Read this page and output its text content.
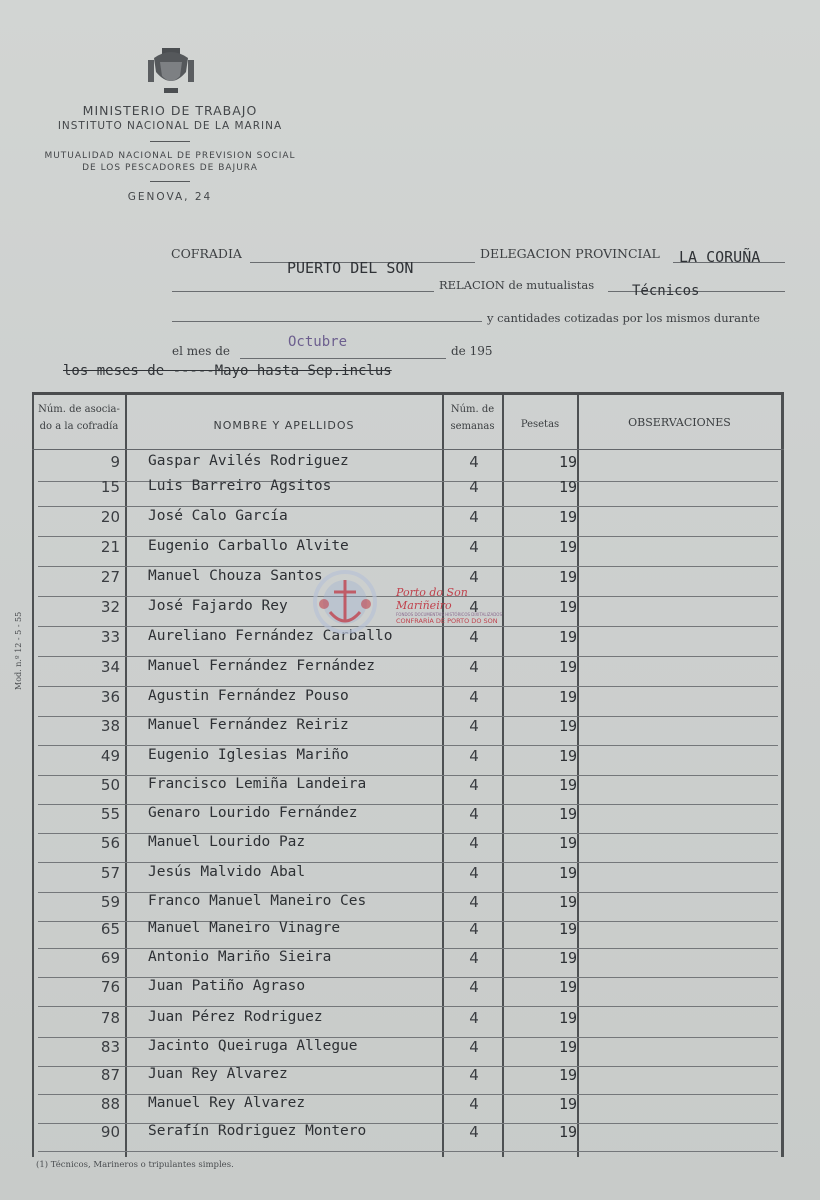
MINISTERIO DE TRABAJO
INSTITUTO NACIONAL DE LA MARINA
MUTUALIDAD NACIONAL DE PREVISION SOCIAL
DE LOS PESCADORES DE BAJURA
GENOVA, 24
COFRADIA
PUERTO DEL SON
DELEGACION PROVINCIAL LA CORUÑA
RELACION de mutualistas	Técnicos
y cantidades cotizadas por los mismos durante
el mes de
Octubre
de 195
los meses de -----Mayo hasta Sep.inclus
Núm. de asocia-
do a la cofradía	NOMBRE Y APELLIDOS
Núm. de
semanas	Pesetas	OBSERVACIONES
9 Gaspar Avilés Rodriguez	4	19
15 Luis Barreiro Agsitos	4	19
20 José Calo García	4	19
21 Eugenio Carballo Alvite	4	19
27 Manuel Chouza Santos	4	19
32 José Fajardo Rey	4	19
33 Aureliano Fernández Carballo	4	19
34 Manuel Fernández Fernández	4	19
36 Agustin Fernández Pouso	4	19
38 Manuel Fernández Reiriz	4	19
49 Eugenio Iglesias Mariño	4	19
50 Francisco Lemiña Landeira	4	19
55 Genaro Lourido Fernández	4	19
56 Manuel Lourido Paz	4	19
57 Jesús Malvido Abal	4	19
59 Franco Manuel Maneiro Ces	4	19
65 Manuel Maneiro Vinagre	4	19
69 Antonio Mariño Sieira	4	19
76 Juan Patiño Agraso	4	19
78 Juan Pérez Rodriguez	4	19
83 Jacinto Queiruga Allegue	4	19
87 Juan Rey Alvarez	4	19
88 Manuel Rey Alvarez	4	19
90 Serafín Rodriguez Montero	4	19
Porto do Son Mariñeiro
FONDOS DOCUMENTAIS HISTÓRICOS DIXITALIZADOS
CONFRARÍA DE PORTO DO SON
Mod. n.º 12 - 5 - 55
(1) Técnicos, Marineros o tripulantes simples.
